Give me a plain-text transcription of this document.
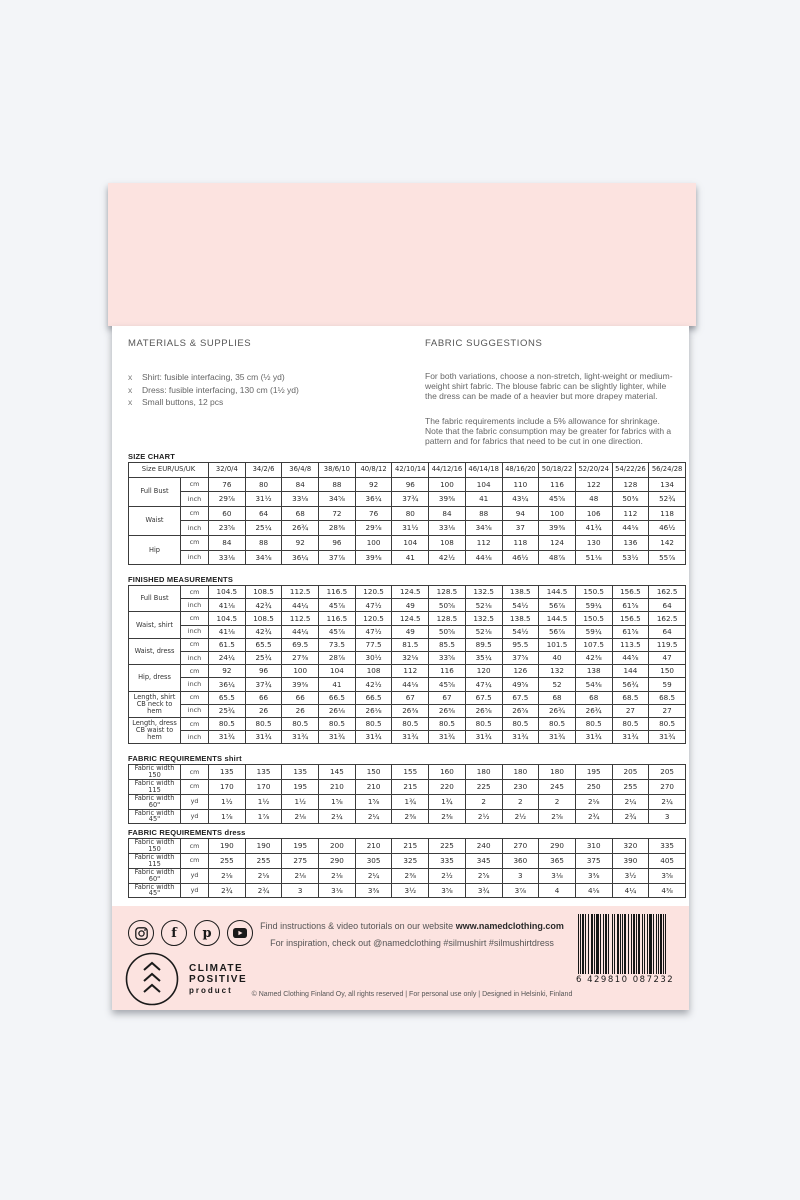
MATERIALS & SUPPLIES
x	Shirt: fusible interfacing, 35 cm (½ yd)
x	Dress: fusible interfacing, 130 cm (1½ yd)
x	Small buttons, 12 pcs
FABRIC SUGGESTIONS

For both variations, choose a non-stretch, light-weight or medium-weight shirt fabric. The blouse fabric can be slightly lighter, while the dress can be made of a heavier but more drapey material.

The fabric requirements include a 5% allowance for shrinkage. Note that the fabric consumption may be greater for fabrics with a pattern and for fabrics that need to be cut in one direction.

SIZE CHART
Size EUR/US/UK		32/0/4	34/2/6	36/4/8	38/6/10	40/8/12	42/10/14	44/12/16	46/14/18	48/16/20	50/18/22	52/20/24	54/22/26	56/24/28
Full Bust	cm	76	80	84	88	92	96	100	104	110	116	122	128	134
	inch	29⅞	31½	33⅛	34⅝	36¼	37¾	39⅜	41	43¼	45⅝	48	50⅜	52¾
Waist	cm	60	64	68	72	76	80	84	88	94	100	106	112	118
	inch	23⅝	25¼	26¾	28⅜	29⅞	31½	33⅛	34⅝	37	39⅜	41¾	44⅛	46½
Hip	cm	84	88	92	96	100	104	108	112	118	124	130	136	142
	inch	33⅛	34⅝	36¼	37⅞	39⅜	41	42½	44⅛	46½	48⅞	51⅛	53½	55⅞
FINISHED MEASUREMENTS
Full Bust	cm	104.5	108.5	112.5	116.5	120.5	124.5	128.5	132.5	138.5	144.5	150.5	156.5	162.5
	inch	41⅛	42¾	44¼	45⅞	47½	49	50⅝	52⅛	54½	56⅞	59¼	61⅝	64
Waist, shirt	cm	104.5	108.5	112.5	116.5	120.5	124.5	128.5	132.5	138.5	144.5	150.5	156.5	162.5
	inch	41⅛	42¾	44¼	45⅞	47½	49	50⅝	52⅛	54½	56⅞	59¼	61⅝	64
Waist, dress	cm	61.5	65.5	69.5	73.5	77.5	81.5	85.5	89.5	95.5	101.5	107.5	113.5	119.5
	inch	24¼	25¾	27⅜	28⅞	30½	32⅛	33⅝	35¼	37⅝	40	42⅜	44⅝	47
Hip, dress	cm	92	96	100	104	108	112	116	120	126	132	138	144	150
	inch	36¼	37¾	39⅜	41	42½	44⅛	45⅝	47¼	49⅝	52	54⅜	56¾	59
Length, shirt CB neck to hem	cm	65.5	66	66	66.5	66.5	67	67	67.5	67.5	68	68	68.5	68.5
	inch	25¾	26	26	26⅛	26⅛	26⅜	26⅜	26⅝	26⅝	26¾	26¾	27	27
Length, dress CB waist to hem	cm	80.5	80.5	80.5	80.5	80.5	80.5	80.5	80.5	80.5	80.5	80.5	80.5	80.5
	inch	31¾	31¾	31¾	31¾	31¾	31¾	31¾	31¾	31¾	31¾	31¾	31¾	31¾
FABRIC REQUIREMENTS shirt
Fabric width 150	cm	135	135	135	145	150	155	160	180	180	180	195	205	205
Fabric width 115	cm	170	170	195	210	210	215	220	225	230	245	250	255	270
Fabric width 60"	yd	1½	1½	1½	1⅝	1⅝	1¾	1¾	2	2	2	2⅛	2¼	2¼
Fabric width 45"	yd	1⅞	1⅞	2⅛	2¼	2¼	2⅜	2⅜	2½	2½	2⅝	2¾	2¾	3
FABRIC REQUIREMENTS dress
Fabric width 150	cm	190	190	195	200	210	215	225	240	270	290	310	320	335
Fabric width 115	cm	255	255	275	290	305	325	335	345	360	365	375	390	405
Fabric width 60"	yd	2⅛	2⅛	2⅛	2⅛	2¼	2⅜	2½	2⅝	3	3⅛	3⅜	3½	3⅝
Fabric width 45"	yd	2¾	2¾	3	3⅛	3⅜	3½	3⅝	3¾	3⅞	4	4⅛	4¼	4⅜
f p	Find instructions & video tutorials on our website www.namedclothing.com
For inspiration, check out @namedclothing #silmushirt #silmushirtdress
CLIMATE
POSITIVE
product	© Named Clothing Finland Oy, all rights reserved | For personal use only | Designed in Helsinki, Finland
6 429810 087232
